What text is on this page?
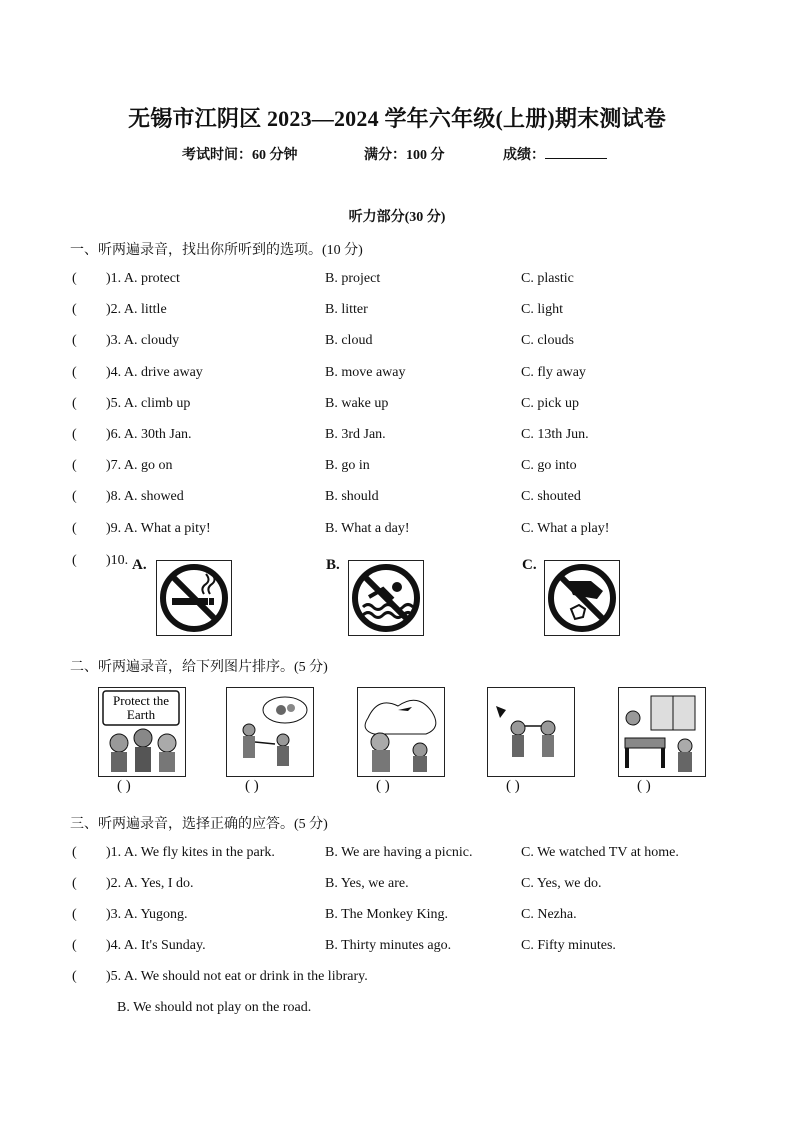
无锡市江阴区 2023—2024 学年六年级(上册)期末测试卷
考试时间：60 分钟	满分：100 分	成绩：
听力部分(30 分)
一、听两遍录音，找出你所听到的选项。(10 分)
( )1. A. protect	B. project	C. plastic
( )2. A. little	B. litter	C. light
( )3. A. cloudy	B. cloud	C. clouds
( )4. A. drive away	B. move away	C. fly away
( )5. A. climb up	B. wake up	C. pick up
( )6. A. 30th Jan.	B. 3rd Jan.	C. 13th Jun.
( )7. A. go on	B. go in	C. go into
( )8. A. showed	B. should	C. shouted
( )9. A. What a pity!	B. What a day!	C. What a play!
( )10. A.	B.	C.
二、听两遍录音，给下列图片排序。(5 分)
Protect the
Earth
( )	( )	( )	( )	( )
三、听两遍录音，选择正确的应答。(5 分)
( )1. A. We fly kites in the park.	B. We are having a picnic.	C. We watched TV at home.
( )2. A. Yes, I do.	B. Yes, we are.	C. Yes, we do.
( )3. A. Yugong.	B. The Monkey King.	C. Nezha.
( )4. A. It's Sunday.	B. Thirty minutes ago.	C. Fifty minutes.
( )5. A. We should not eat or drink in the library.
B. We should not play on the road.
